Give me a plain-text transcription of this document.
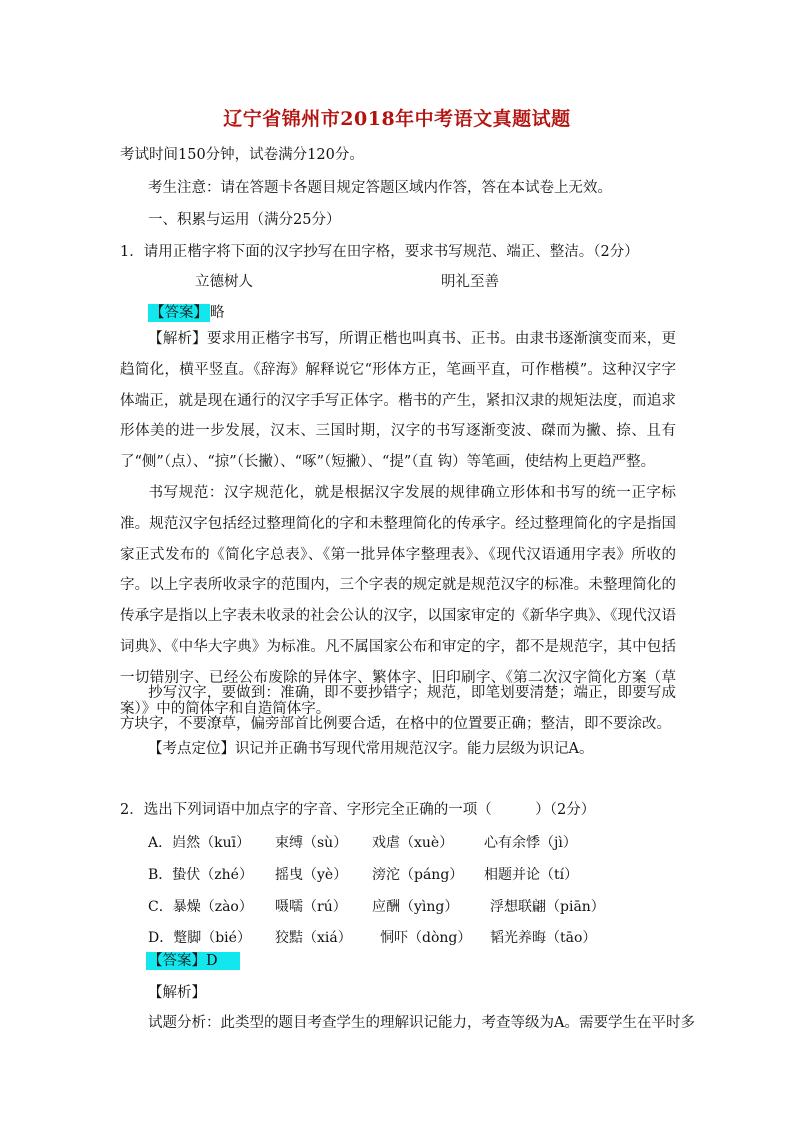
辽宁省锦州市2018年中考语文真题试题
考试时间150分钟，试卷满分120分。
考生注意：请在答题卡各题目规定答题区域内作答，答在本试卷上无效。
一、积累与运用（满分25分）
1．请用正楷字将下面的汉字抄写在田字格，要求书写规范、端正、整洁。（2分）
立德树人	明礼至善
【答案】 略
【解析】要求用正楷字书写，所谓正楷也叫真书、正书。由隶书逐渐演变而来，更趋简化，横平竖直。《辞海》解释说它“形体方正，笔画平直，可作楷模”。这种汉字字体端正，就是现在通行的汉字手写正体字。楷书的产生，紧扣汉隶的规矩法度，而追求形体美的进一步发展，汉末、三国时期，汉字的书写逐渐变波、磔而为撇、捺、且有了“侧”（点）、“掠”（长撇）、“啄”（短撇）、“提”（直 钩）等笔画，使结构上更趋严整。
书写规范：汉字规范化，就是根据汉字发展的规律确立形体和书写的统一正字标准。规范汉字包括经过整理简化的字和未整理简化的传承字。经过整理简化的字是指国家正式发布的《简化字总表》、《第一批异体字整理表》、《现代汉语通用字表》所收的字。以上字表所收录字的范围内，三个字表的规定就是规范汉字的标准。未整理简化的传承字是指以上字表未收录的社会公认的汉字，以国家审定的《新华字典》、《现代汉语词典》、《中华大字典》为标准。凡不属国家公布和审定的字，都不是规范字，其中包括一切错别字、已经公布废除的异体字、繁体字、旧印刷字、《第二次汉字简化方案（草案）》中的简体字和自造简体字。
抄写汉字，要做到：准确，即不要抄错字；规范，即笔划要清楚；端正，即要写成方块字，不要潦草，偏旁部首比例要合适，在格中的位置要正确；整洁，即不要涂改。
【考点定位】识记并正确书写现代常用规范汉字。能力层级为识记A。
2．选出下列词语中加点字的字音、字形完全正确的一项（　　　）（2分）
A．岿然（kuī） 束缚（sù） 戏虐（xuè） 心有余悸（jì）
B．蛰伏（zhé） 摇曳（yè） 滂沱（páng） 相题并论（tí）
C．暴燥（zào） 嗫嚅（rú） 应酬（yìng） 浮想联翩（piān）
D．蹩脚（bié） 狡黠（xiá） 恫吓（dòng） 韬光养晦（tāo）
【答案】D
【解析】
试题分析：此类型的题目考查学生的理解识记能力，考查等级为A。需要学生在平时多
